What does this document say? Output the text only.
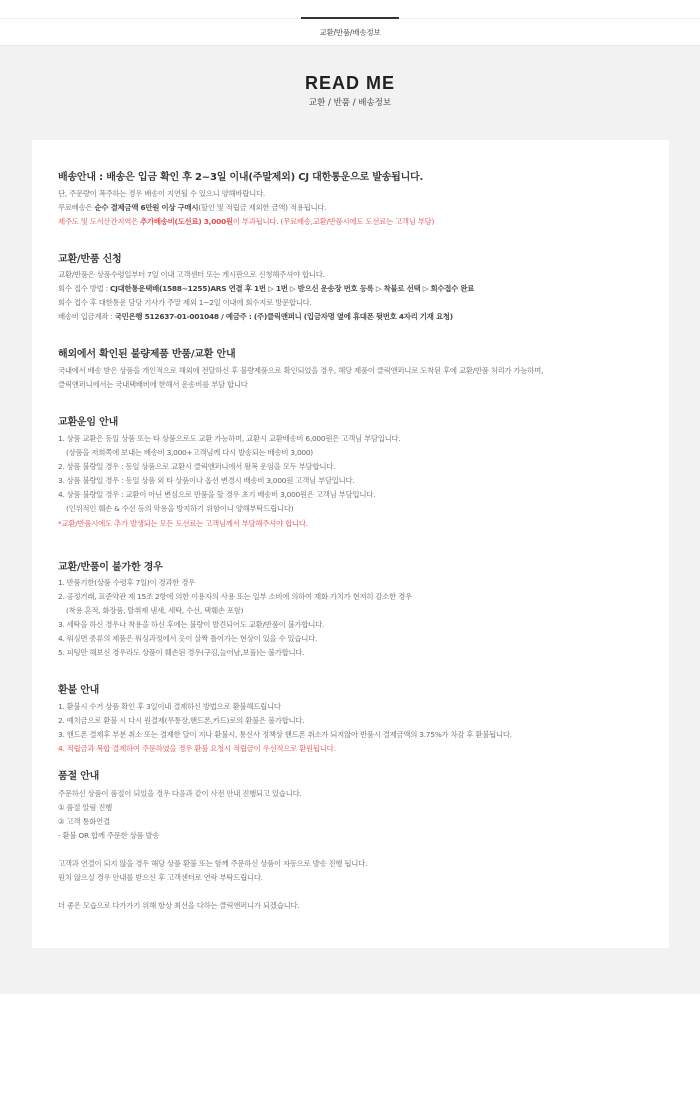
교환/반품/배송정보
READ ME
교환 / 반품 / 배송정보
배송안내 : 배송은 입금 확인 후 2~3일 이내(주말제외) CJ 대한통운으로 발송됩니다.
단, 주문량이 폭주하는 경우 배송이 지연될 수 있으니 양해바랍니다.
무료배송은 순수 결제금액 6만원 이상 구매시(할인 및 적립금 제외한 금액) 적용됩니다.
제주도 및 도서산간지역은 추가배송비(도선료) 3,000원이 부과됩니다. (무료배송,교환/반품시에도 도선료는 고객님 부담)
교환/반품 신청
교환/반품은 상품수령일부터 7일 이내 고객센터 또는 게시판으로 신청해주셔야 합니다.
회수 접수 방법 : CJ대한통운택배(1588~1255)ARS 연결 후 1번 ▷ 1번 ▷ 받으신 운송장 번호 등록 ▷ 착불로 선택 ▷ 회수접수 완료
회수 접수 후 대한통운 담당 기사가 주말 제외 1~2일 이내에 회수지로 방문합니다.
배송비 입금계좌 : 국민은행 512637-01-001048 / 예금주 : (주)클릭앤퍼니 (입금자명 옆에 휴대폰 뒷번호 4자리 기재 요청)
해외에서 확인된 불량제품 반품/교환 안내
국내에서 배송 받은 상품을 개인적으로 해외에 전달하신 후 불량제품으로 확인되었을 경우, 해당 제품이 클릭앤퍼니로 도착된 후에 교환/반품 처리가 가능하며,
클릭앤퍼니에서는 국내택배비에 한해서 운송비를 부담 합니다
교환운임 안내
1. 상품 교환은 동일 상품 또는 타 상품으로도 교환 가능하며, 교환시 교환배송비 6,000원은 고객님 부담입니다.
(상품을 저희쪽에 보내는 배송비 3,000+고객님께 다시 발송되는 배송비 3,000)
2. 상품 불량일 경우 : 동일 상품으로 교환시 클릭앤퍼니에서 왕복 운임을 모두 부담합니다.
3. 상품 불량일 경우 : 동일 상품 외 타 상품이나 옵션 변경시 배송비 3,000원 고객님 부담입니다.
4. 상품 불량일 경우 : 교환이 아닌 변심으로 반품을 할 경우 초기 배송비 3,000원은 고객님 부담입니다.
(인위적인 훼손 & 수선 등의 악용을 방지하기 위함이니 양해부탁드립니다)
*교환/반품시에도 추가 발생되는 모든 도선료는 고객님께서 부담해주셔야 합니다.
교환/반품이 불가한 경우
1. 반품기한(상품 수령후 7일)이 경과한 경우
2. 공정거래, 표준약관 제 15조 2항에 의한 이용자의 사용 또는 일부 소비에 의하여 재화 가치가 현저히 감소한 경우
(착용 흔적, 화장품, 탈취제 냄새, 세탁, 수선, 택훼손 포함)
3. 세탁을 하신 경우나 착용을 하신 후에는 불량이 발견되어도 교환/반품이 불가합니다.
4. 워싱면 종류의 제품은 워싱과정에서 옷이 살짝 틀어가는 현상이 있을 수 있습니다.
5. 피팅만 해보신 경우라도 상품이 훼손된 경우(구김,늘어남,보풀)는 불가합니다.
환불 안내
1. 환불시 수거 상품 확인 후 3일이내 결제하신 방법으로 환불해드립니다
2. 예치금으로 환불 시 다시 원결제(무통장,핸드폰,카드)로의 환불은 불가합니다.
3. 핸드폰 결제후 부분 취소 또는 결제한 달이 지나 환불시, 통신사 정책상 핸드폰 취소가 되지않아 반품시 결제금액의 3.75%가 차감 후 환불됩니다.
4. 적립금과 복합 결제하여 주문하였을 경우 환불 요청시 적립금이 우선적으로 환원됩니다.
품절 안내
주문하신 상품이 품절이 되었을 경우 다음과 같이 사전 안내 진행되고 있습니다.
① 품절 알림 진행
② 고객 통화연결
- 환불 OR 합께 주문한 상품 발송
고객과 연결이 되지 않을 경우 해당 상품 환불 또는 함께 주문하신 상품이 자동으로 발송 진행 됩니다.
원치 않으실 경우 안내를 받으신 후 고객센터로 연락 부탁드립니다.
더 좋은 모습으로 다가가기 위해 항상 최선을 다하는 클릭앤퍼니가 되겠습니다.
